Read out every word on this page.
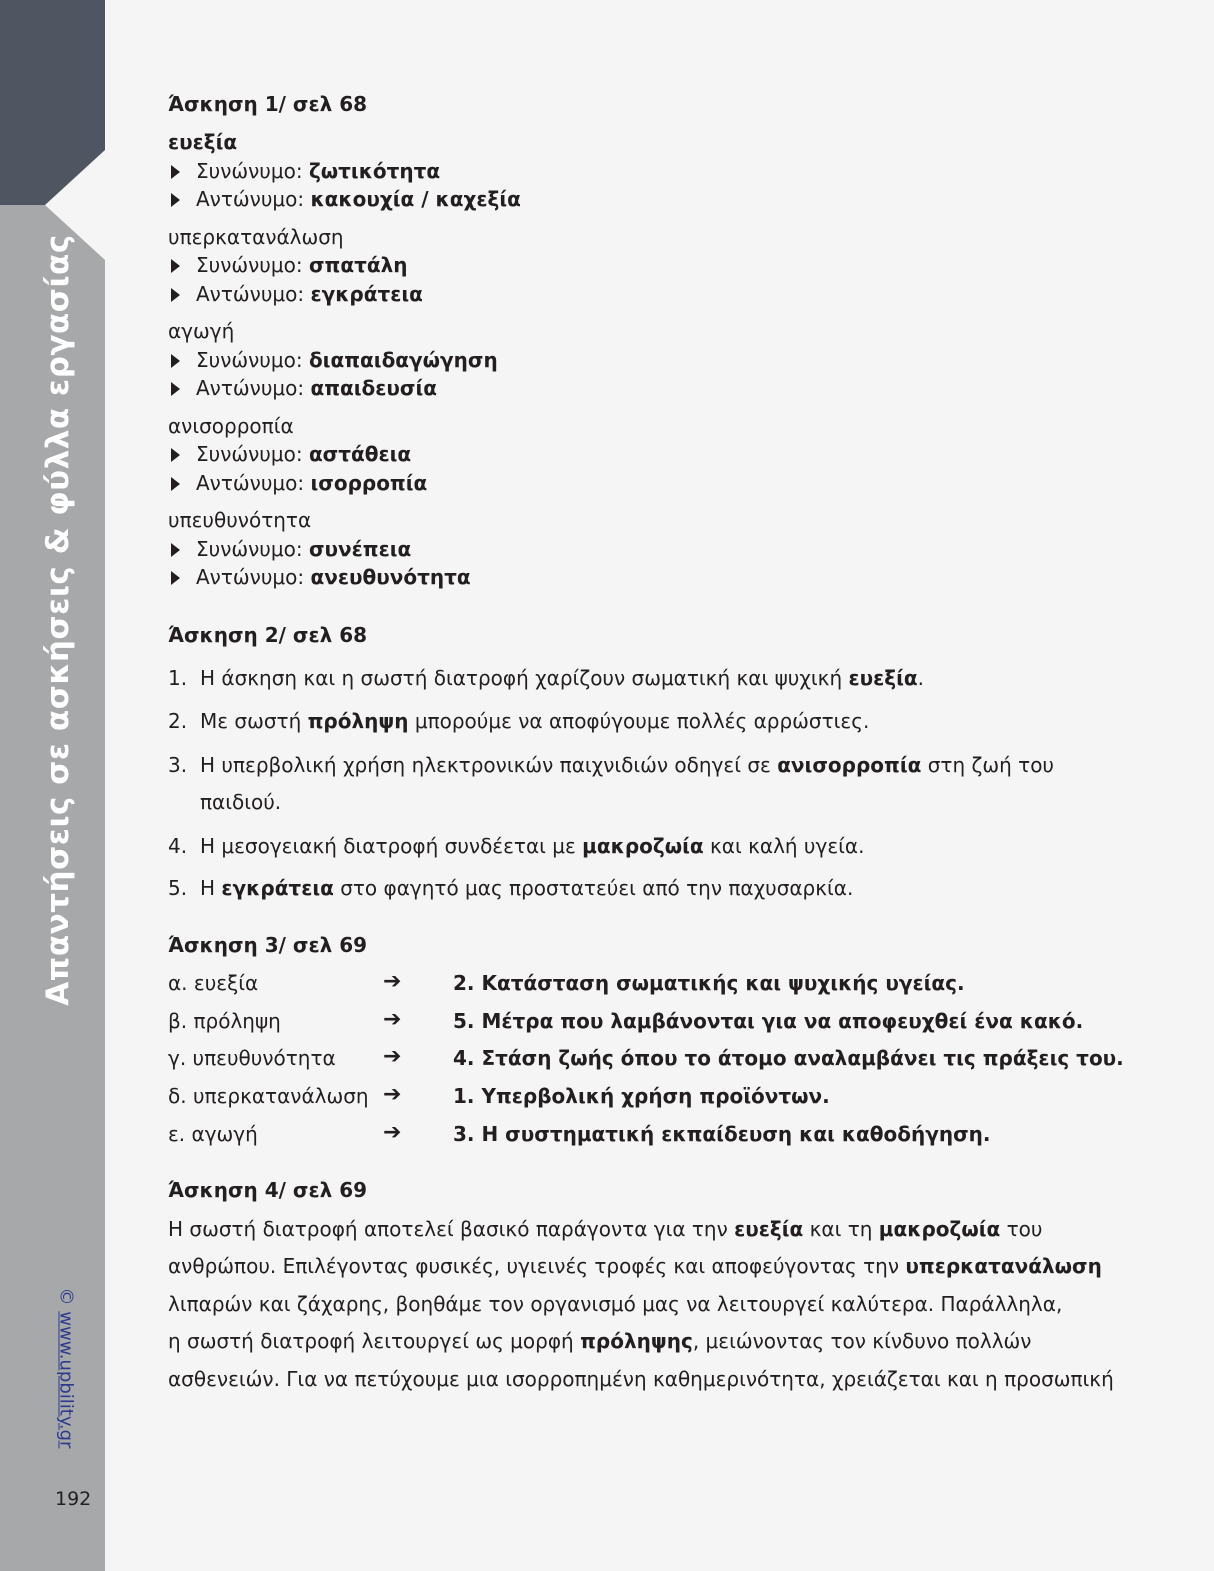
Απαντήσεις σε ασκήσεις & φύλλα εργασίας
© www.upbility.gr
192
Άσκηση 1/ σελ 68
ευεξία
Συνώνυμο: ζωτικότητα
Αντώνυμο: κακουχία / καχεξία
υπερκατανάλωση
Συνώνυμο: σπατάλη
Αντώνυμο: εγκράτεια
αγωγή
Συνώνυμο: διαπαιδαγώγηση
Αντώνυμο: απαιδευσία
ανισορροπία
Συνώνυμο: αστάθεια
Αντώνυμο: ισορροπία
υπευθυνότητα
Συνώνυμο: συνέπεια
Αντώνυμο: ανευθυνότητα
Άσκηση 2/ σελ 68
1. Η άσκηση και η σωστή διατροφή χαρίζουν σωματική και ψυχική ευεξία.
2. Με σωστή πρόληψη μπορούμε να αποφύγουμε πολλές αρρώστιες.
3. Η υπερβολική χρήση ηλεκτρονικών παιχνιδιών οδηγεί σε ανισορροπία στη ζωή του
παιδιού.
4. Η μεσογειακή διατροφή συνδέεται με μακροζωία και καλή υγεία.
5. Η εγκράτεια στο φαγητό μας προστατεύει από την παχυσαρκία.
Άσκηση 3/ σελ 69
α. ευεξία	➔	2. Κατάσταση σωματικής και ψυχικής υγείας.
β. πρόληψη	➔	5. Μέτρα που λαμβάνονται για να αποφευχθεί ένα κακό.
γ. υπευθυνότητα ➔	4. Στάση ζωής όπου το άτομο αναλαμβάνει τις πράξεις του.
δ. υπερκατανάλωση ➔	1. Υπερβολική χρήση προϊόντων.
ε. αγωγή	➔	3. Η συστηματική εκπαίδευση και καθοδήγηση.
Άσκηση 4/ σελ 69
Η σωστή διατροφή αποτελεί βασικό παράγοντα για την ευεξία και τη μακροζωία του
ανθρώπου. Επιλέγοντας φυσικές, υγιεινές τροφές και αποφεύγοντας την υπερκατανάλωση
λιπαρών και ζάχαρης, βοηθάμε τον οργανισμό μας να λειτουργεί καλύτερα. Παράλληλα,
η σωστή διατροφή λειτουργεί ως μορφή πρόληψης, μειώνοντας τον κίνδυνο πολλών
ασθενειών. Για να πετύχουμε μια ισορροπημένη καθημερινότητα, χρειάζεται και η προσωπική
